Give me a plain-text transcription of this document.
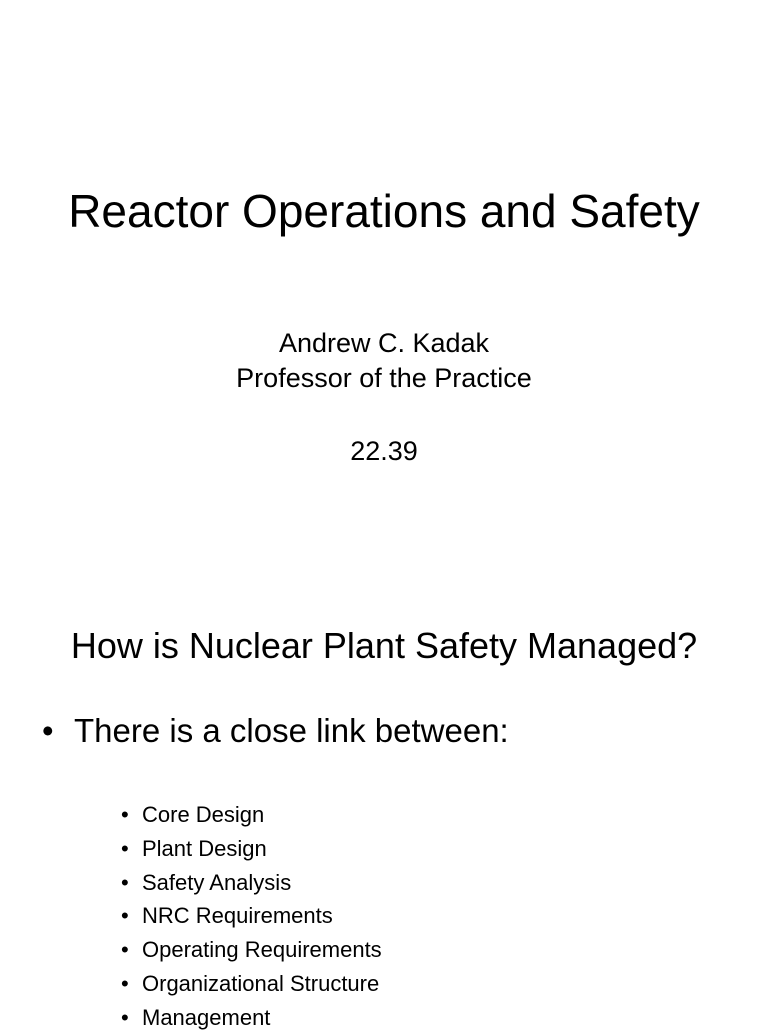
Reactor Operations and Safety
Andrew C. Kadak
Professor of the Practice
22.39
How is Nuclear Plant Safety Managed?
• There is a close link between:
• Core Design
• Plant Design
• Safety Analysis
• NRC Requirements
• Operating Requirements
• Organizational Structure
• Management
